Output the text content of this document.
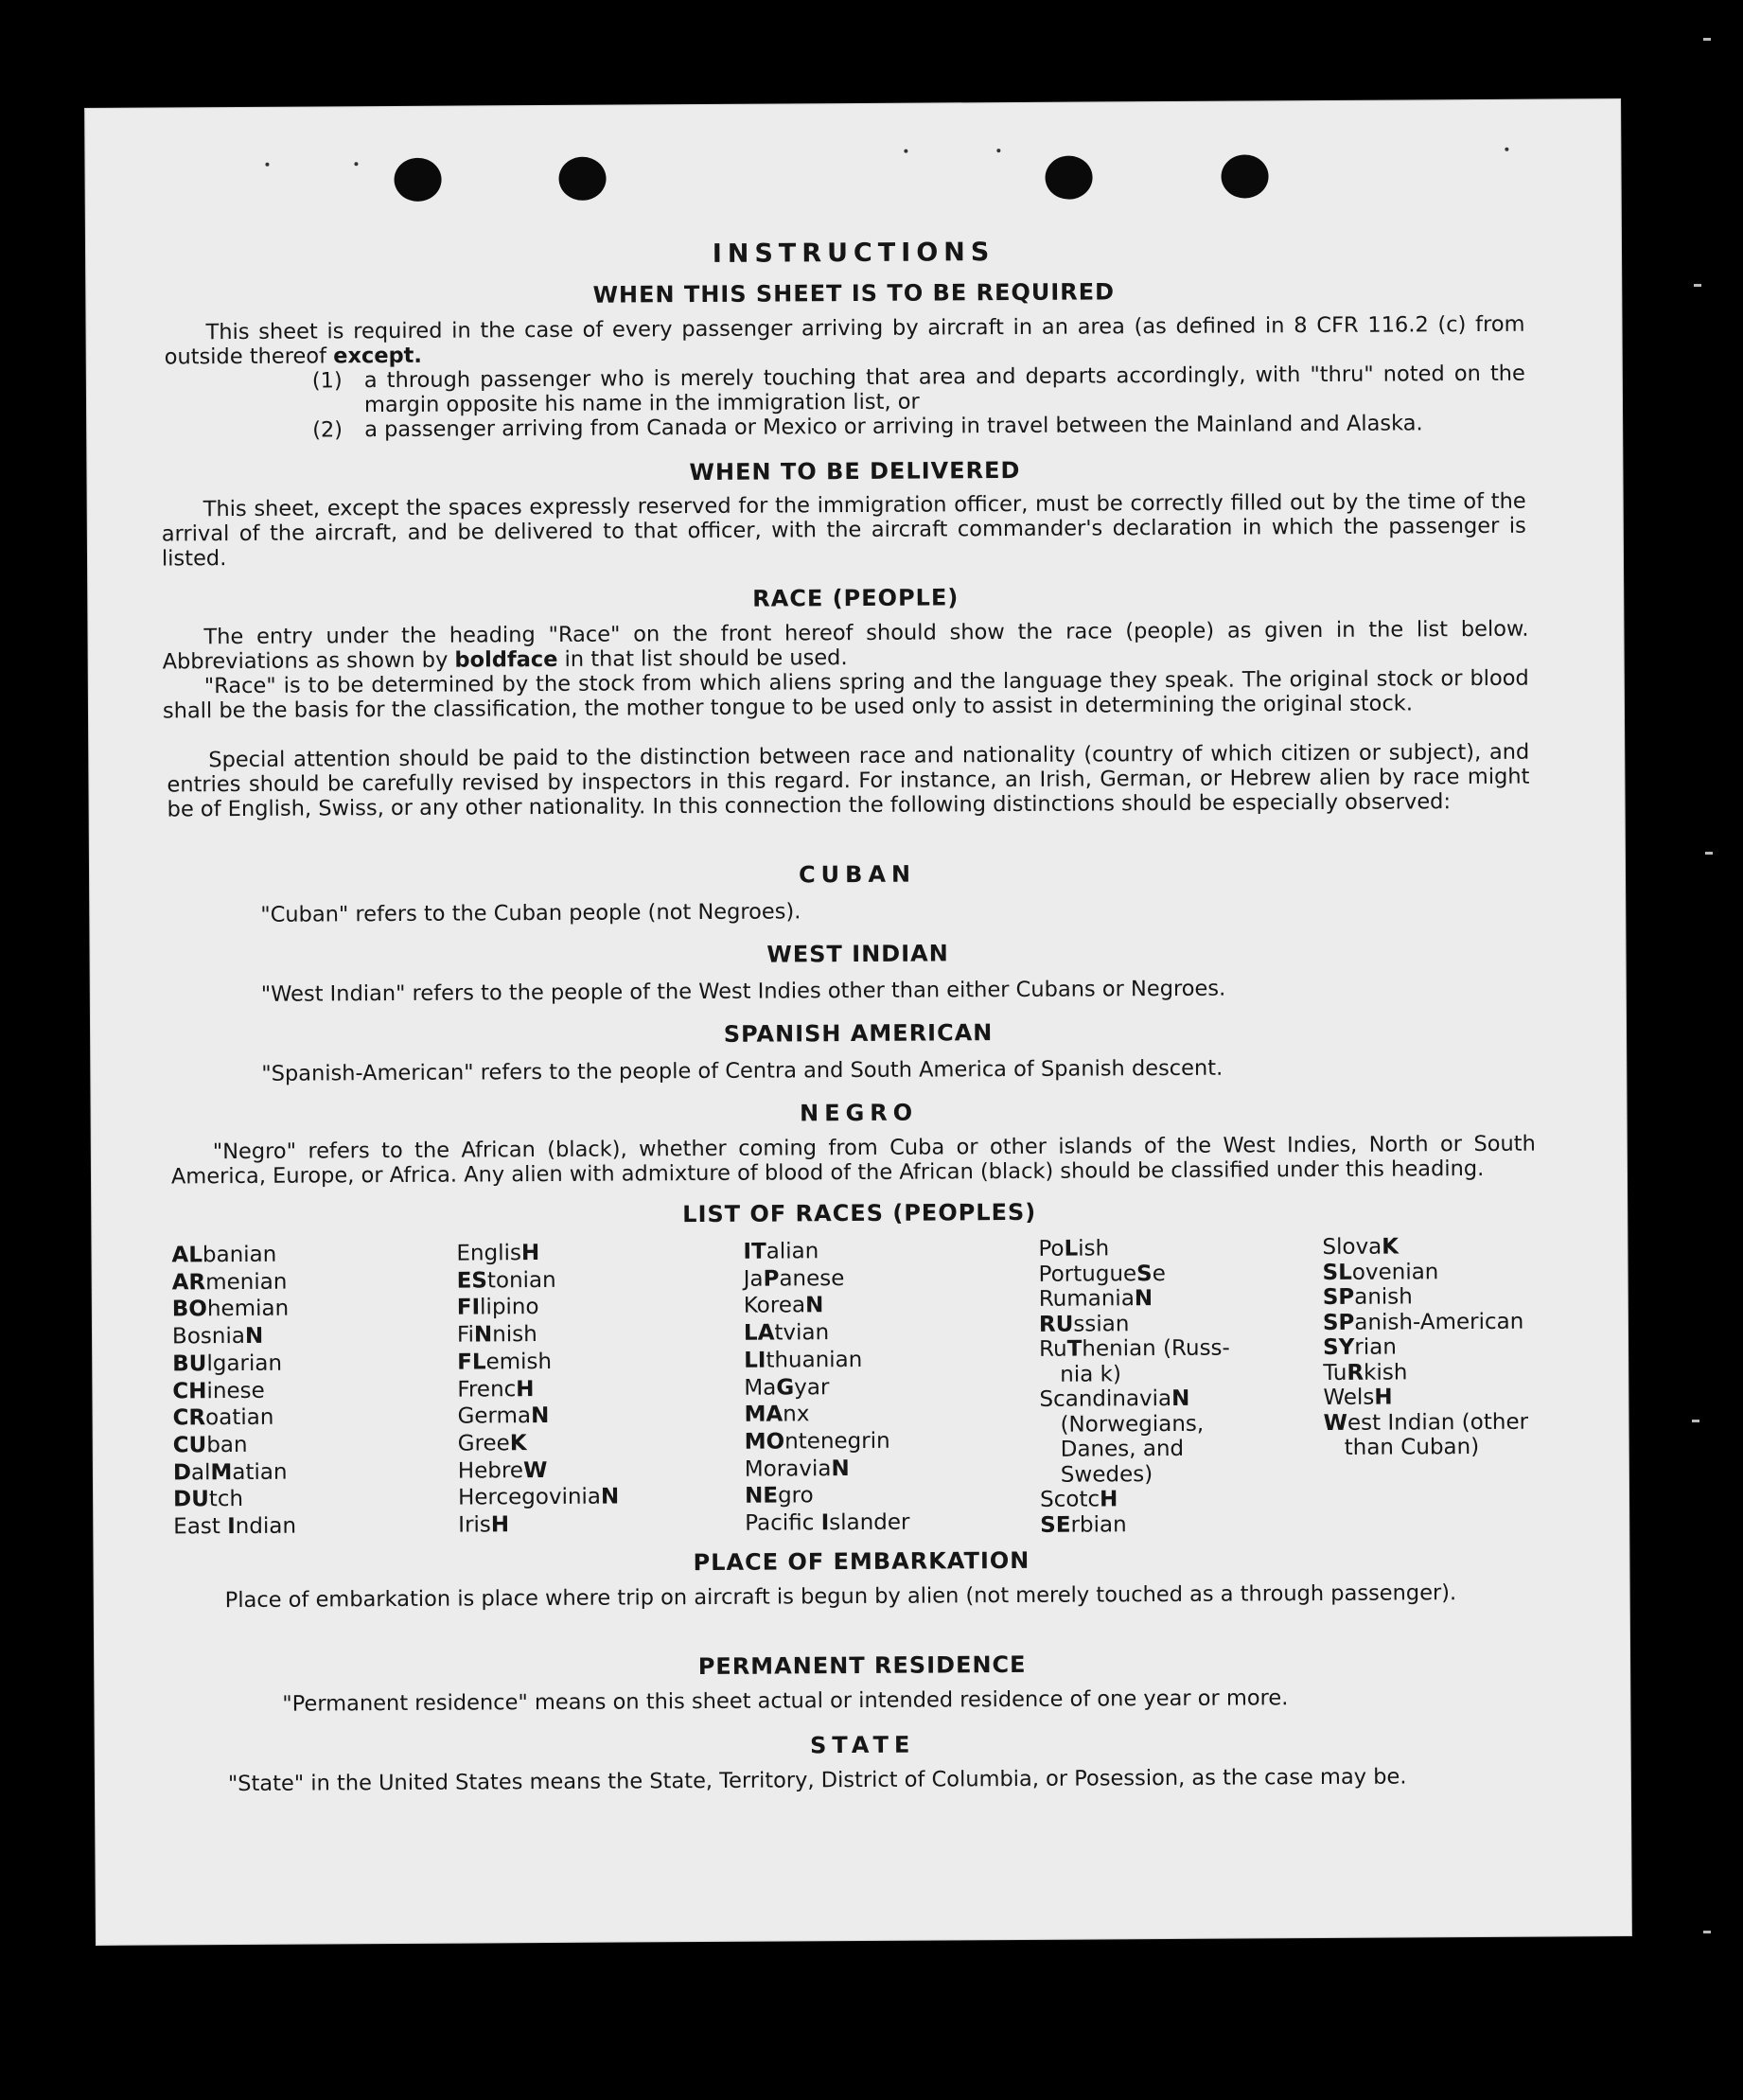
INSTRUCTIONS
WHEN THIS SHEET IS TO BE REQUIRED
This sheet is required in the case of every passenger arriving by aircraft in an area (as defined in 8 CFR 116.2 (c) from outside thereof except.
(1) a through passenger who is merely touching that area and departs accordingly, with "thru" noted on the margin opposite his name in the immigration list, or
(2) a passenger arriving from Canada or Mexico or arriving in travel between the Mainland and Alaska.
WHEN TO BE DELIVERED
This sheet, except the spaces expressly reserved for the immigration officer, must be correctly filled out by the time of the arrival of the aircraft, and be delivered to that officer, with the aircraft commander's declaration in which the passenger is listed.
RACE (PEOPLE)
The entry under the heading "Race" on the front hereof should show the race (people) as given in the list below. Abbreviations as shown by boldface in that list should be used.
"Race" is to be determined by the stock from which aliens spring and the language they speak. The original stock or blood shall be the basis for the classification, the mother tongue to be used only to assist in determining the original stock.
Special attention should be paid to the distinction between race and nationality (country of which citizen or subject), and entries should be carefully revised by inspectors in this regard. For instance, an Irish, German, or Hebrew alien by race might be of English, Swiss, or any other nationality. In this connection the following distinctions should be especially observed:
CUBAN
"Cuban" refers to the Cuban people (not Negroes).
WEST INDIAN
"West Indian" refers to the people of the West Indies other than either Cubans or Negroes.
SPANISH AMERICAN
"Spanish-American" refers to the people of Centra and South America of Spanish descent.
NEGRO
"Negro" refers to the African (black), whether coming from Cuba or other islands of the West Indies, North or South America, Europe, or Africa. Any alien with admixture of blood of the African (black) should be classified under this heading.
LIST OF RACES (PEOPLES)
ALbanian
ARmenian
BOhemian
BosniaN
BUlgarian
CHinese
CRoatian
CUban
DalMatian
DUtch
East Indian
EnglisH
EStonian
FIlipino
FiNnish
FLemish
FrencH
GermaN
GreeK
HebreW
HercegoviniaN
IrisH
ITalian
JaPanese
KoreaN
LAtvian
LIthuanian
MaGyar
MAnx
MOntenegrin
MoraviaN
NEgro
Pacific Islander
PoLish
PortugueSe
RumaniaN
RUssian
RuThenian (Russ-
nia k)
ScandinaviaN
(Norwegians,
Danes, and
Swedes)
ScotcH
SErbian
SlovaK
SLovenian
SPanish
SPanish-American
SYrian
TuRkish
WelsH
West Indian (other
than Cuban)
PLACE OF EMBARKATION
Place of embarkation is place where trip on aircraft is begun by alien (not merely touched as a through passenger).
PERMANENT RESIDENCE
"Permanent residence" means on this sheet actual or intended residence of one year or more.
STATE
"State" in the United States means the State, Territory, District of Columbia, or Posession, as the case may be.
